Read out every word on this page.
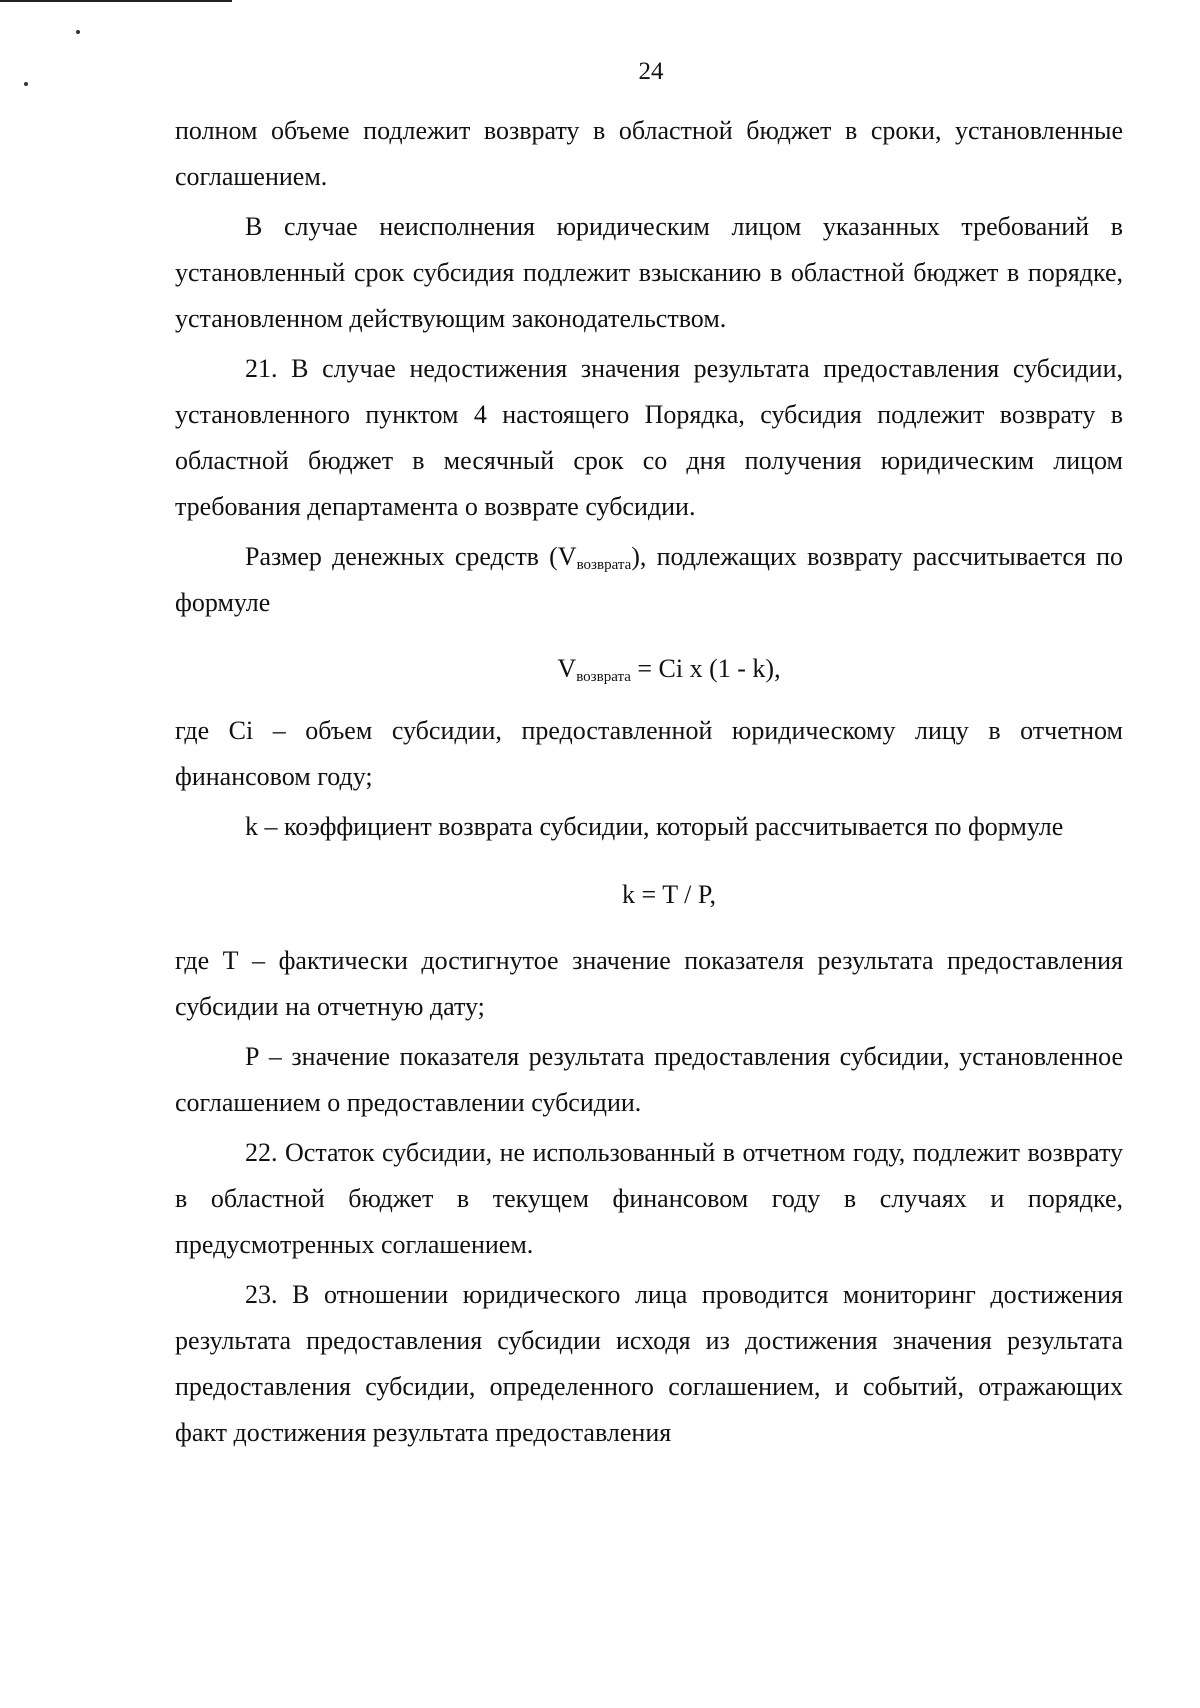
24

полном объеме подлежит возврату в областной бюджет в сроки, установленные соглашением.

В случае неисполнения юридическим лицом указанных требований в установленный срок субсидия подлежит взысканию в областной бюджет в порядке, установленном действующим законодательством.

21. В случае недостижения значения результата предоставления субсидии, установленного пунктом 4 настоящего Порядка, субсидия подлежит возврату в областной бюджет в месячный срок со дня получения юридическим лицом требования департамента о возврате субсидии.

Размер денежных средств $(V_{возврата})$, подлежащих возврату рассчитывается по формуле

$V_{возврата} = Ci$ x (1 - k),

где Ci – объем субсидии, предоставленной юридическому лицу в отчетном финансовом году;

k – коэффициент возврата субсидии, который рассчитывается по формуле

k = T / P,

где Т – фактически достигнутое значение показателя результата предоставления субсидии на отчетную дату;

Р – значение показателя результата предоставления субсидии, установленное соглашением о предоставлении субсидии.

22. Остаток субсидии, не использованный в отчетном году, подлежит возврату в областной бюджет в текущем финансовом году в случаях и порядке, предусмотренных соглашением.

23. В отношении юридического лица проводится мониторинг достижения результата предоставления субсидии исходя из достижения значения результата предоставления субсидии, определенного соглашением, и событий, отражающих факт достижения результата предоставления
